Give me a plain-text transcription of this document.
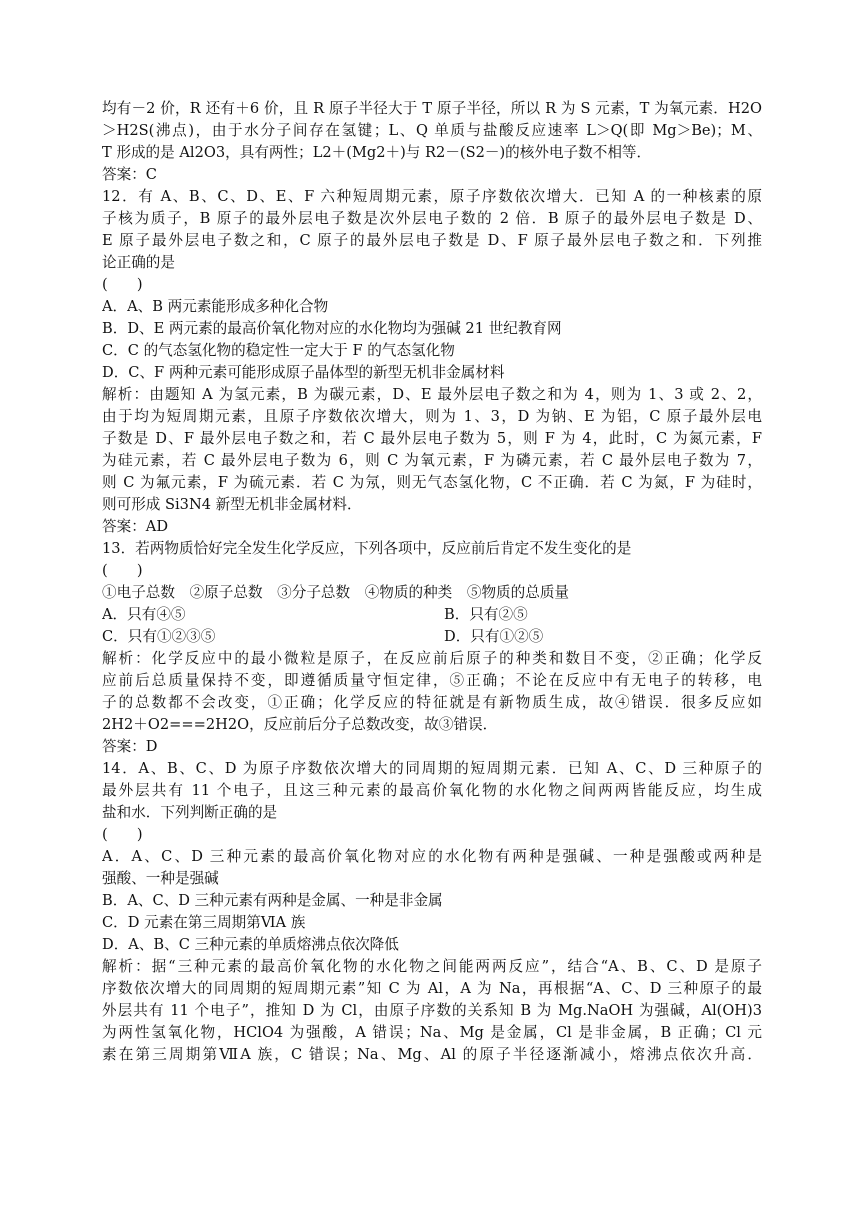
均有－2 价，R 还有＋6 价，且 R 原子半径大于 T 原子半径，所以 R 为 S 元素，T 为氧元素．H2O
＞H2S(沸点)，由于水分子间存在氢键；L、Q 单质与盐酸反应速率 L＞Q(即 Mg＞Be)；M、
T 形成的是 Al2O3，具有两性；L2＋(Mg2＋)与 R2－(S2－)的核外电子数不相等．
答案：C
12．有 A、B、C、D、E、F 六种短周期元素，原子序数依次增大．已知 A 的一种核素的原
子核为质子，B 原子的最外层电子数是次外层电子数的 2 倍．B 原子的最外层电子数是 D、
E 原子最外层电子数之和，C 原子的最外层电子数是 D、F 原子最外层电子数之和．下列推
论正确的是
(　　)
A．A、B 两元素能形成多种化合物
B．D、E 两元素的最高价氧化物对应的水化物均为强碱 21 世纪教育网
C．C 的气态氢化物的稳定性一定大于 F 的气态氢化物
D．C、F 两种元素可能形成原子晶体型的新型无机非金属材料
解析：由题知 A 为氢元素，B 为碳元素，D、E 最外层电子数之和为 4，则为 1、3 或 2、2，
由于均为短周期元素，且原子序数依次增大，则为 1、3，D 为钠、E 为铝，C 原子最外层电
子数是 D、F 最外层电子数之和，若 C 最外层电子数为 5，则 F 为 4，此时，C 为氮元素，F
为硅元素，若 C 最外层电子数为 6，则 C 为氧元素，F 为磷元素，若 C 最外层电子数为 7，
则 C 为氟元素，F 为硫元素．若 C 为氖，则无气态氢化物，C 不正确．若 C 为氮，F 为硅时，
则可形成 Si3N4 新型无机非金属材料．
答案：AD
13．若两物质恰好完全发生化学反应，下列各项中，反应前后肯定不发生变化的是
(　　)
①电子总数　②原子总数　③分子总数　④物质的种类　⑤物质的总质量
A．只有④⑤	B．只有②⑤
C．只有①②③⑤	D．只有①②⑤
解析：化学反应中的最小微粒是原子，在反应前后原子的种类和数目不变，②正确；化学反
应前后总质量保持不变，即遵循质量守恒定律，⑤正确；不论在反应中有无电子的转移，电
子的总数都不会改变，①正确；化学反应的特征就是有新物质生成，故④错误．很多反应如
2H2＋O2===2H2O，反应前后分子总数改变，故③错误．
答案：D
14．A、B、C、D 为原子序数依次增大的同周期的短周期元素．已知 A、C、D 三种原子的
最外层共有 11 个电子，且这三种元素的最高价氧化物的水化物之间两两皆能反应，均生成
盐和水．下列判断正确的是
(　　)
A．A、C、D 三种元素的最高价氧化物对应的水化物有两种是强碱、一种是强酸或两种是
强酸、一种是强碱
B．A、C、D 三种元素有两种是金属、一种是非金属
C．D 元素在第三周期第ⅥA 族
D．A、B、C 三种元素的单质熔沸点依次降低
解析：据“三种元素的最高价氧化物的水化物之间能两两反应”，结合“A、B、C、D 是原子
序数依次增大的同周期的短周期元素”知 C 为 Al，A 为 Na，再根据“A、C、D 三种原子的最
外层共有 11 个电子”，推知 D 为 Cl，由原子序数的关系知 B 为 Mg.NaOH 为强碱，Al(OH)3
为两性氢氧化物，HClO4 为强酸，A 错误；Na、Mg 是金属，Cl 是非金属，B 正确；Cl 元
素在第三周期第ⅦA 族，C 错误；Na、Mg、Al 的原子半径逐渐减小，熔沸点依次升高．
